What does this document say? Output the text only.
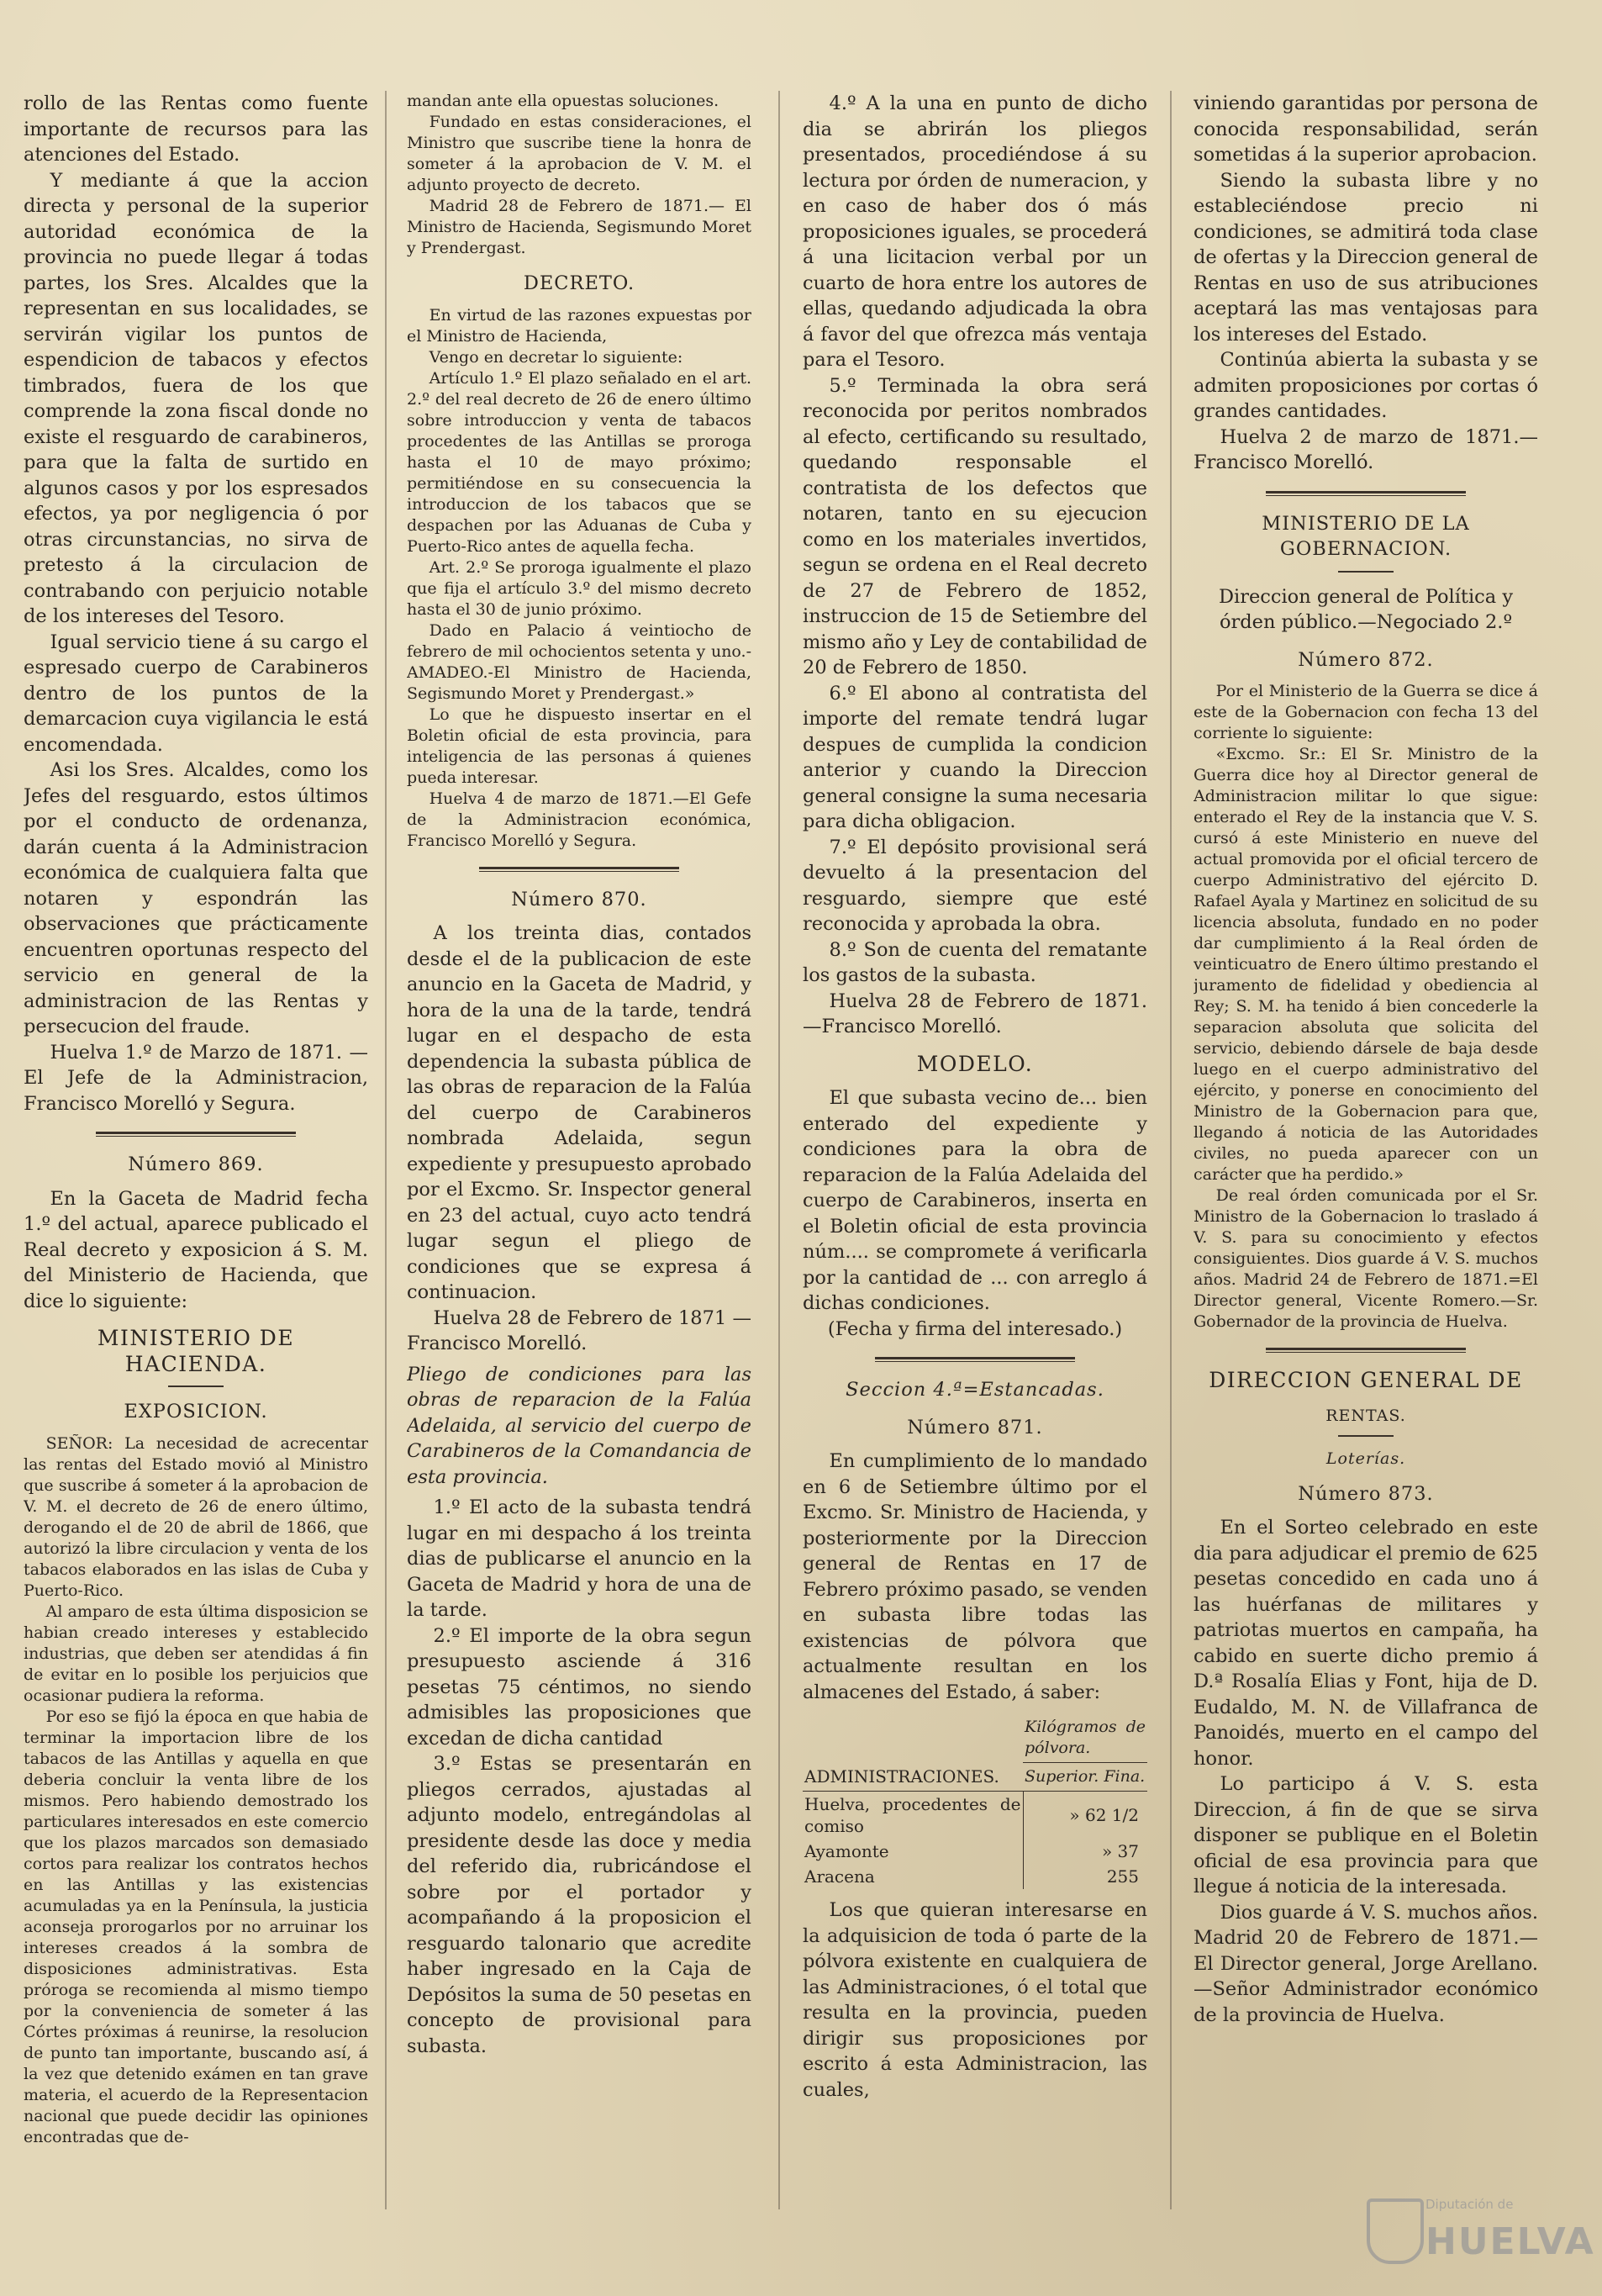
rollo de las Rentas como fuente importante de recursos para las atenciones del Estado.

Y mediante á que la accion directa y personal de la superior autoridad económica de la provincia no puede llegar á todas partes, los Sres. Alcaldes que la representan en sus localidades, se servirán vigilar los puntos de espendicion de tabacos y efectos timbrados, fuera de los que comprende la zona fiscal donde no existe el resguardo de carabineros, para que la falta de surtido en algunos casos y por los espresados efectos, ya por negligencia ó por otras circunstancias, no sirva de pretesto á la circulacion de contrabando con perjuicio notable de los intereses del Tesoro.

Igual servicio tiene á su cargo el espresado cuerpo de Carabineros dentro de los puntos de la demarcacion cuya vigilancia le está encomendada.

Asi los Sres. Alcaldes, como los Jefes del resguardo, estos últimos por el conducto de ordenanza, darán cuenta á la Administracion económica de cualquiera falta que notaren y espondrán las observaciones que prácticamente encuentren oportunas respecto del servicio en general de la administracion de las Rentas y persecucion del fraude.

Huelva 1.º de Marzo de 1871. —El Jefe de la Administracion, Francisco Morelló y Segura.

Número 869.

En la Gaceta de Madrid fecha 1.º del actual, aparece publicado el Real decreto y exposicion á S. M. del Ministerio de Hacienda, que dice lo siguiente:

MINISTERIO DE HACIENDA.
EXPOSICION.

SEÑOR: La necesidad de acrecentar las rentas del Estado movió al Ministro que suscribe á someter á la aprobacion de V. M. el decreto de 26 de enero último, derogando el de 20 de abril de 1866, que autorizó la libre circulacion y venta de los tabacos elaborados en las islas de Cuba y Puerto-Rico.

Al amparo de esta última disposicion se habian creado intereses y establecido industrias, que deben ser atendidas á fin de evitar en lo posible los perjuicios que ocasionar pudiera la reforma.

Por eso se fijó la época en que habia de terminar la importacion libre de los tabacos de las Antillas y aquella en que deberia concluir la venta libre de los mismos. Pero habiendo demostrado los particulares interesados en este comercio que los plazos marcados son demasiado cortos para realizar los contratos hechos en las Antillas y las existencias acumuladas ya en la Península, la justicia aconseja prorogarlos por no arruinar los intereses creados á la sombra de disposiciones administrativas. Esta próroga se recomienda al mismo tiempo por la conveniencia de someter á las Córtes próximas á reunirse, la resolucion de punto tan importante, buscando así, á la vez que detenido exámen en tan grave materia, el acuerdo de la Representacion nacional que puede decidir las opiniones encontradas que de-

mandan ante ella opuestas soluciones.

Fundado en estas consideraciones, el Ministro que suscribe tiene la honra de someter á la aprobacion de V. M. el adjunto proyecto de decreto.

Madrid 28 de Febrero de 1871.— El Ministro de Hacienda, Segismundo Moret y Prendergast.

DECRETO.

En virtud de las razones expuestas por el Ministro de Hacienda,

Vengo en decretar lo siguiente:

Artículo 1.º El plazo señalado en el art. 2.º del real decreto de 26 de enero último sobre introduccion y venta de tabacos procedentes de las Antillas se proroga hasta el 10 de mayo próximo; permitiéndose en su consecuencia la introduccion de los tabacos que se despachen por las Aduanas de Cuba y Puerto-Rico antes de aquella fecha.

Art. 2.º Se proroga igualmente el plazo que fija el artículo 3.º del mismo decreto hasta el 30 de junio próximo.

Dado en Palacio á veintiocho de febrero de mil ochocientos setenta y uno.-AMADEO.-El Ministro de Hacienda, Segismundo Moret y Prendergast.»

Lo que he dispuesto insertar en el Boletin oficial de esta provincia, para inteligencia de las personas á quienes pueda interesar.

Huelva 4 de marzo de 1871.—El Gefe de la Administracion económica, Francisco Morelló y Segura.

Número 870.

A los treinta dias, contados desde el de la publicacion de este anuncio en la Gaceta de Madrid, y hora de la una de la tarde, tendrá lugar en el despacho de esta dependencia la subasta pública de las obras de reparacion de la Falúa del cuerpo de Carabineros nombrada Adelaida, segun expediente y presupuesto aprobado por el Excmo. Sr. Inspector general en 23 del actual, cuyo acto tendrá lugar segun el pliego de condiciones que se expresa á continuacion.

Huelva 28 de Febrero de 1871 —Francisco Morelló.

Pliego de condiciones para las obras de reparacion de la Falúa Adelaida, al servicio del cuerpo de Carabineros de la Comandancia de esta provincia.

1.º El acto de la subasta tendrá lugar en mi despacho á los treinta dias de publicarse el anuncio en la Gaceta de Madrid y hora de una de la tarde.

2.º El importe de la obra segun presupuesto asciende á 316 pesetas 75 céntimos, no siendo admisibles las proposiciones que excedan de dicha cantidad

3.º Estas se presentarán en pliegos cerrados, ajustadas al adjunto modelo, entregándolas al presidente desde las doce y media del referido dia, rubricándose el sobre por el portador y acompañando á la proposicion el resguardo talonario que acredite haber ingresado en la Caja de Depósitos la suma de 50 pesetas en concepto de provisional para subasta.

4.º A la una en punto de dicho dia se abrirán los pliegos presentados, procediéndose á su lectura por órden de numeracion, y en caso de haber dos ó más proposiciones iguales, se procederá á una licitacion verbal por un cuarto de hora entre los autores de ellas, quedando adjudicada la obra á favor del que ofrezca más ventaja para el Tesoro.

5.º Terminada la obra será reconocida por peritos nombrados al efecto, certificando su resultado, quedando responsable el contratista de los defectos que notaren, tanto en su ejecucion como en los materiales invertidos, segun se ordena en el Real decreto de 27 de Febrero de 1852, instruccion de 15 de Setiembre del mismo año y Ley de contabilidad de 20 de Febrero de 1850.

6.º El abono al contratista del importe del remate tendrá lugar despues de cumplida la condicion anterior y cuando la Direccion general consigne la suma necesaria para dicha obligacion.

7.º El depósito provisional será devuelto á la presentacion del resguardo, siempre que esté reconocida y aprobada la obra.

8.º Son de cuenta del rematante los gastos de la subasta.

Huelva 28 de Febrero de 1871. —Francisco Morelló.

MODELO.

El que subasta vecino de... bien enterado del expediente y condiciones para la obra de reparacion de la Falúa Adelaida del cuerpo de Carabineros, inserta en el Boletin oficial de esta provincia núm.... se compromete á verificarla por la cantidad de ... con arreglo á dichas condiciones.

(Fecha y firma del interesado.)

Seccion 4.ª=Estancadas.
Número 871.

En cumplimiento de lo mandado en 6 de Setiembre último por el Excmo. Sr. Ministro de Hacienda, y posteriormente por la Direccion general de Rentas en 17 de Febrero próximo pasado, se venden en subasta libre todas las existencias de pólvora que actualmente resultan en los almacenes del Estado, á saber:

ADMINISTRACIONES.	Kilógramos de pólvora.
	Superior. Fina.
Huelva, procedentes de comiso	» 62 1/2
Ayamonte	» 37
Aracena	255

Los que quieran interesarse en la adquisicion de toda ó parte de la pólvora existente en cualquiera de las Administraciones, ó el total que resulta en la provincia, pueden dirigir sus proposiciones por escrito á esta Administracion, las cuales,

viniendo garantidas por persona de conocida responsabilidad, serán sometidas á la superior aprobacion.

Siendo la subasta libre y no estableciéndose precio ni condiciones, se admitirá toda clase de ofertas y la Direccion general de Rentas en uso de sus atribuciones aceptará las mas ventajosas para los intereses del Estado.

Continúa abierta la subasta y se admiten proposiciones por cortas ó grandes cantidades.

Huelva 2 de marzo de 1871.— Francisco Morelló.

MINISTERIO DE LA GOBERNACION.

Direccion general de Política y órden público.—Negociado 2.º

Número 872.

Por el Ministerio de la Guerra se dice á este de la Gobernacion con fecha 13 del corriente lo siguiente:

«Excmo. Sr.: El Sr. Ministro de la Guerra dice hoy al Director general de Administracion militar lo que sigue: enterado el Rey de la instancia que V. S. cursó á este Ministerio en nueve del actual promovida por el oficial tercero de cuerpo Administrativo del ejército D. Rafael Ayala y Martinez en solicitud de su licencia absoluta, fundado en no poder dar cumplimiento á la Real órden de veinticuatro de Enero último prestando el juramento de fidelidad y obediencia al Rey; S. M. ha tenido á bien concederle la separacion absoluta que solicita del servicio, debiendo dársele de baja desde luego en el cuerpo administrativo del ejército, y ponerse en conocimiento del Ministro de la Gobernacion para que, llegando á noticia de las Autoridades civiles, no pueda aparecer con un carácter que ha perdido.»

De real órden comunicada por el Sr. Ministro de la Gobernacion lo traslado á V. S. para su conocimiento y efectos consiguientes. Dios guarde á V. S. muchos años. Madrid 24 de Febrero de 1871.=El Director general, Vicente Romero.—Sr. Gobernador de la provincia de Huelva.

DIRECCION GENERAL DE
RENTAS.
Loterías.
Número 873.

En el Sorteo celebrado en este dia para adjudicar el premio de 625 pesetas concedido en cada uno á las huérfanas de militares y patriotas muertos en campaña, ha cabido en suerte dicho premio á D.ª Rosalía Elias y Font, hija de D. Eudaldo, M. N. de Villafranca de Panoidés, muerto en el campo del honor.

Lo participo á V. S. esta Direccion, á fin de que se sirva disponer se publique en el Boletin oficial de esa provincia para que llegue á noticia de la interesada.

Dios guarde á V. S. muchos años. Madrid 20 de Febrero de 1871.— El Director general, Jorge Arellano.—Señor Administrador económico de la provincia de Huelva.

Diputación de
HUELVA
